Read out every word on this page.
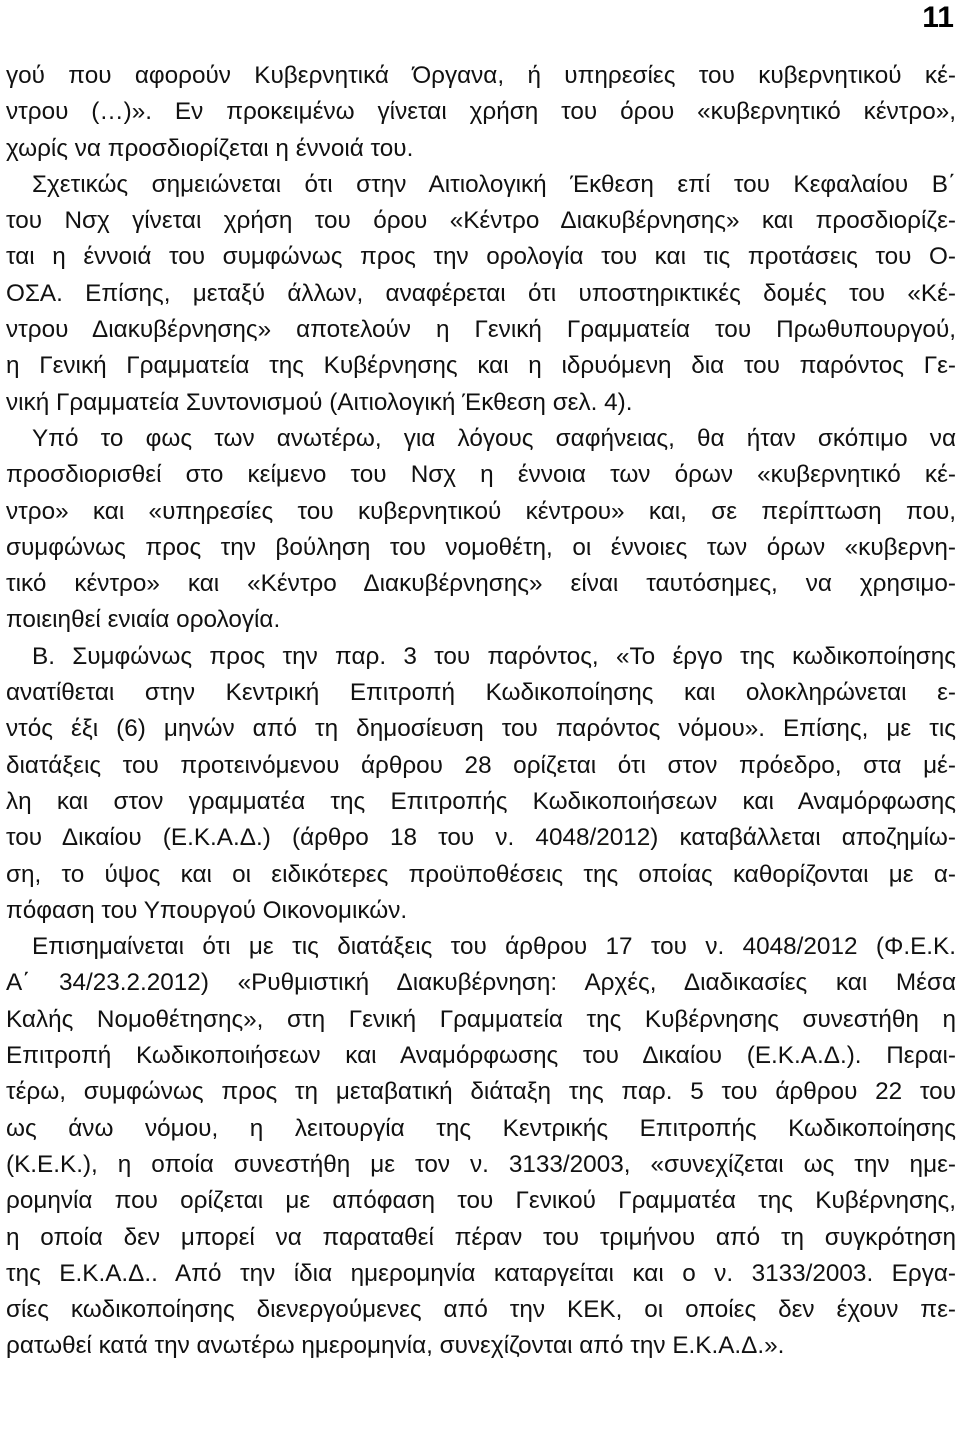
11
γού που αφορούν Κυβερνητικά Όργανα, ή υπηρεσίες του κυβερνητικού κέ-
ντρου (…)». Εν προκειμένω γίνεται χρήση του όρου «κυβερνητικό κέντρο»,
χωρίς να προσδιορίζεται η έννοιά του.
Σχετικώς σημειώνεται ότι στην Αιτιολογική Έκθεση επί του Κεφαλαίου Β΄
του Νσχ γίνεται χρήση του όρου «Κέντρο Διακυβέρνησης» και προσδιορίζε-
ται η έννοιά του συμφώνως προς την ορολογία του και τις προτάσεις του Ο-
ΟΣΑ. Επίσης, μεταξύ άλλων, αναφέρεται ότι υποστηρικτικές δομές του «Κέ-
ντρου Διακυβέρνησης» αποτελούν η Γενική Γραμματεία του Πρωθυπουργού,
η Γενική Γραμματεία της Κυβέρνησης και η ιδρυόμενη δια του παρόντος Γε-
νική Γραμματεία Συντονισμού (Αιτιολογική Έκθεση σελ. 4).
Υπό το φως των ανωτέρω, για λόγους σαφήνειας, θα ήταν σκόπιμο να
προσδιορισθεί στο κείμενο του Νσχ η έννοια των όρων «κυβερνητικό κέ-
ντρο» και «υπηρεσίες του κυβερνητικού κέντρου» και, σε περίπτωση που,
συμφώνως προς την βούληση του νομοθέτη, οι έννοιες των όρων «κυβερνη-
τικό κέντρο» και «Κέντρο Διακυβέρνησης» είναι ταυτόσημες, να χρησιμο-
ποιειηθεί ενιαία ορολογία.
Β. Συμφώνως προς την παρ. 3 του παρόντος, «Το έργο της κωδικοποίησης
ανατίθεται στην Κεντρική Επιτροπή Κωδικοποίησης και ολοκληρώνεται ε-
ντός έξι (6) μηνών από τη δημοσίευση του παρόντος νόμου». Επίσης, με τις
διατάξεις του προτεινόμενου άρθρου 28 ορίζεται ότι στον πρόεδρο, στα μέ-
λη και στον γραμματέα της Επιτροπής Κωδικοποιήσεων και Αναμόρφωσης
του Δικαίου (Ε.Κ.Α.Δ.) (άρθρο 18 του ν. 4048/2012) καταβάλλεται αποζημίω-
ση, το ύψος και οι ειδικότερες προϋποθέσεις της οποίας καθορίζονται με α-
πόφαση του Υπουργού Οικονομικών.
Επισημαίνεται ότι με τις διατάξεις του άρθρου 17 του ν. 4048/2012 (Φ.Ε.Κ.
Α΄ 34/23.2.2012) «Ρυθμιστική Διακυβέρνηση: Αρχές, Διαδικασίες και Μέσα
Καλής Νομοθέτησης», στη Γενική Γραμματεία της Κυβέρνησης συνεστήθη η
Επιτροπή Κωδικοποιήσεων και Αναμόρφωσης του Δικαίου (Ε.Κ.Α.Δ.). Περαι-
τέρω, συμφώνως προς τη μεταβατική διάταξη της παρ. 5 του άρθρου 22 του
ως άνω νόμου, η λειτουργία της Κεντρικής Επιτροπής Κωδικοποίησης
(Κ.Ε.Κ.), η οποία συνεστήθη με τον ν. 3133/2003, «συνεχίζεται ως την ημε-
ρομηνία που ορίζεται με απόφαση του Γενικού Γραμματέα της Κυβέρνησης,
η οποία δεν μπορεί να παραταθεί πέραν του τριμήνου από τη συγκρότηση
της Ε.Κ.Α.Δ.. Από την ίδια ημερομηνία καταργείται και ο ν. 3133/2003. Εργα-
σίες κωδικοποίησης διενεργούμενες από την ΚΕΚ, οι οποίες δεν έχουν πε-
ρατωθεί κατά την ανωτέρω ημερομηνία, συνεχίζονται από την Ε.Κ.Α.Δ.».
